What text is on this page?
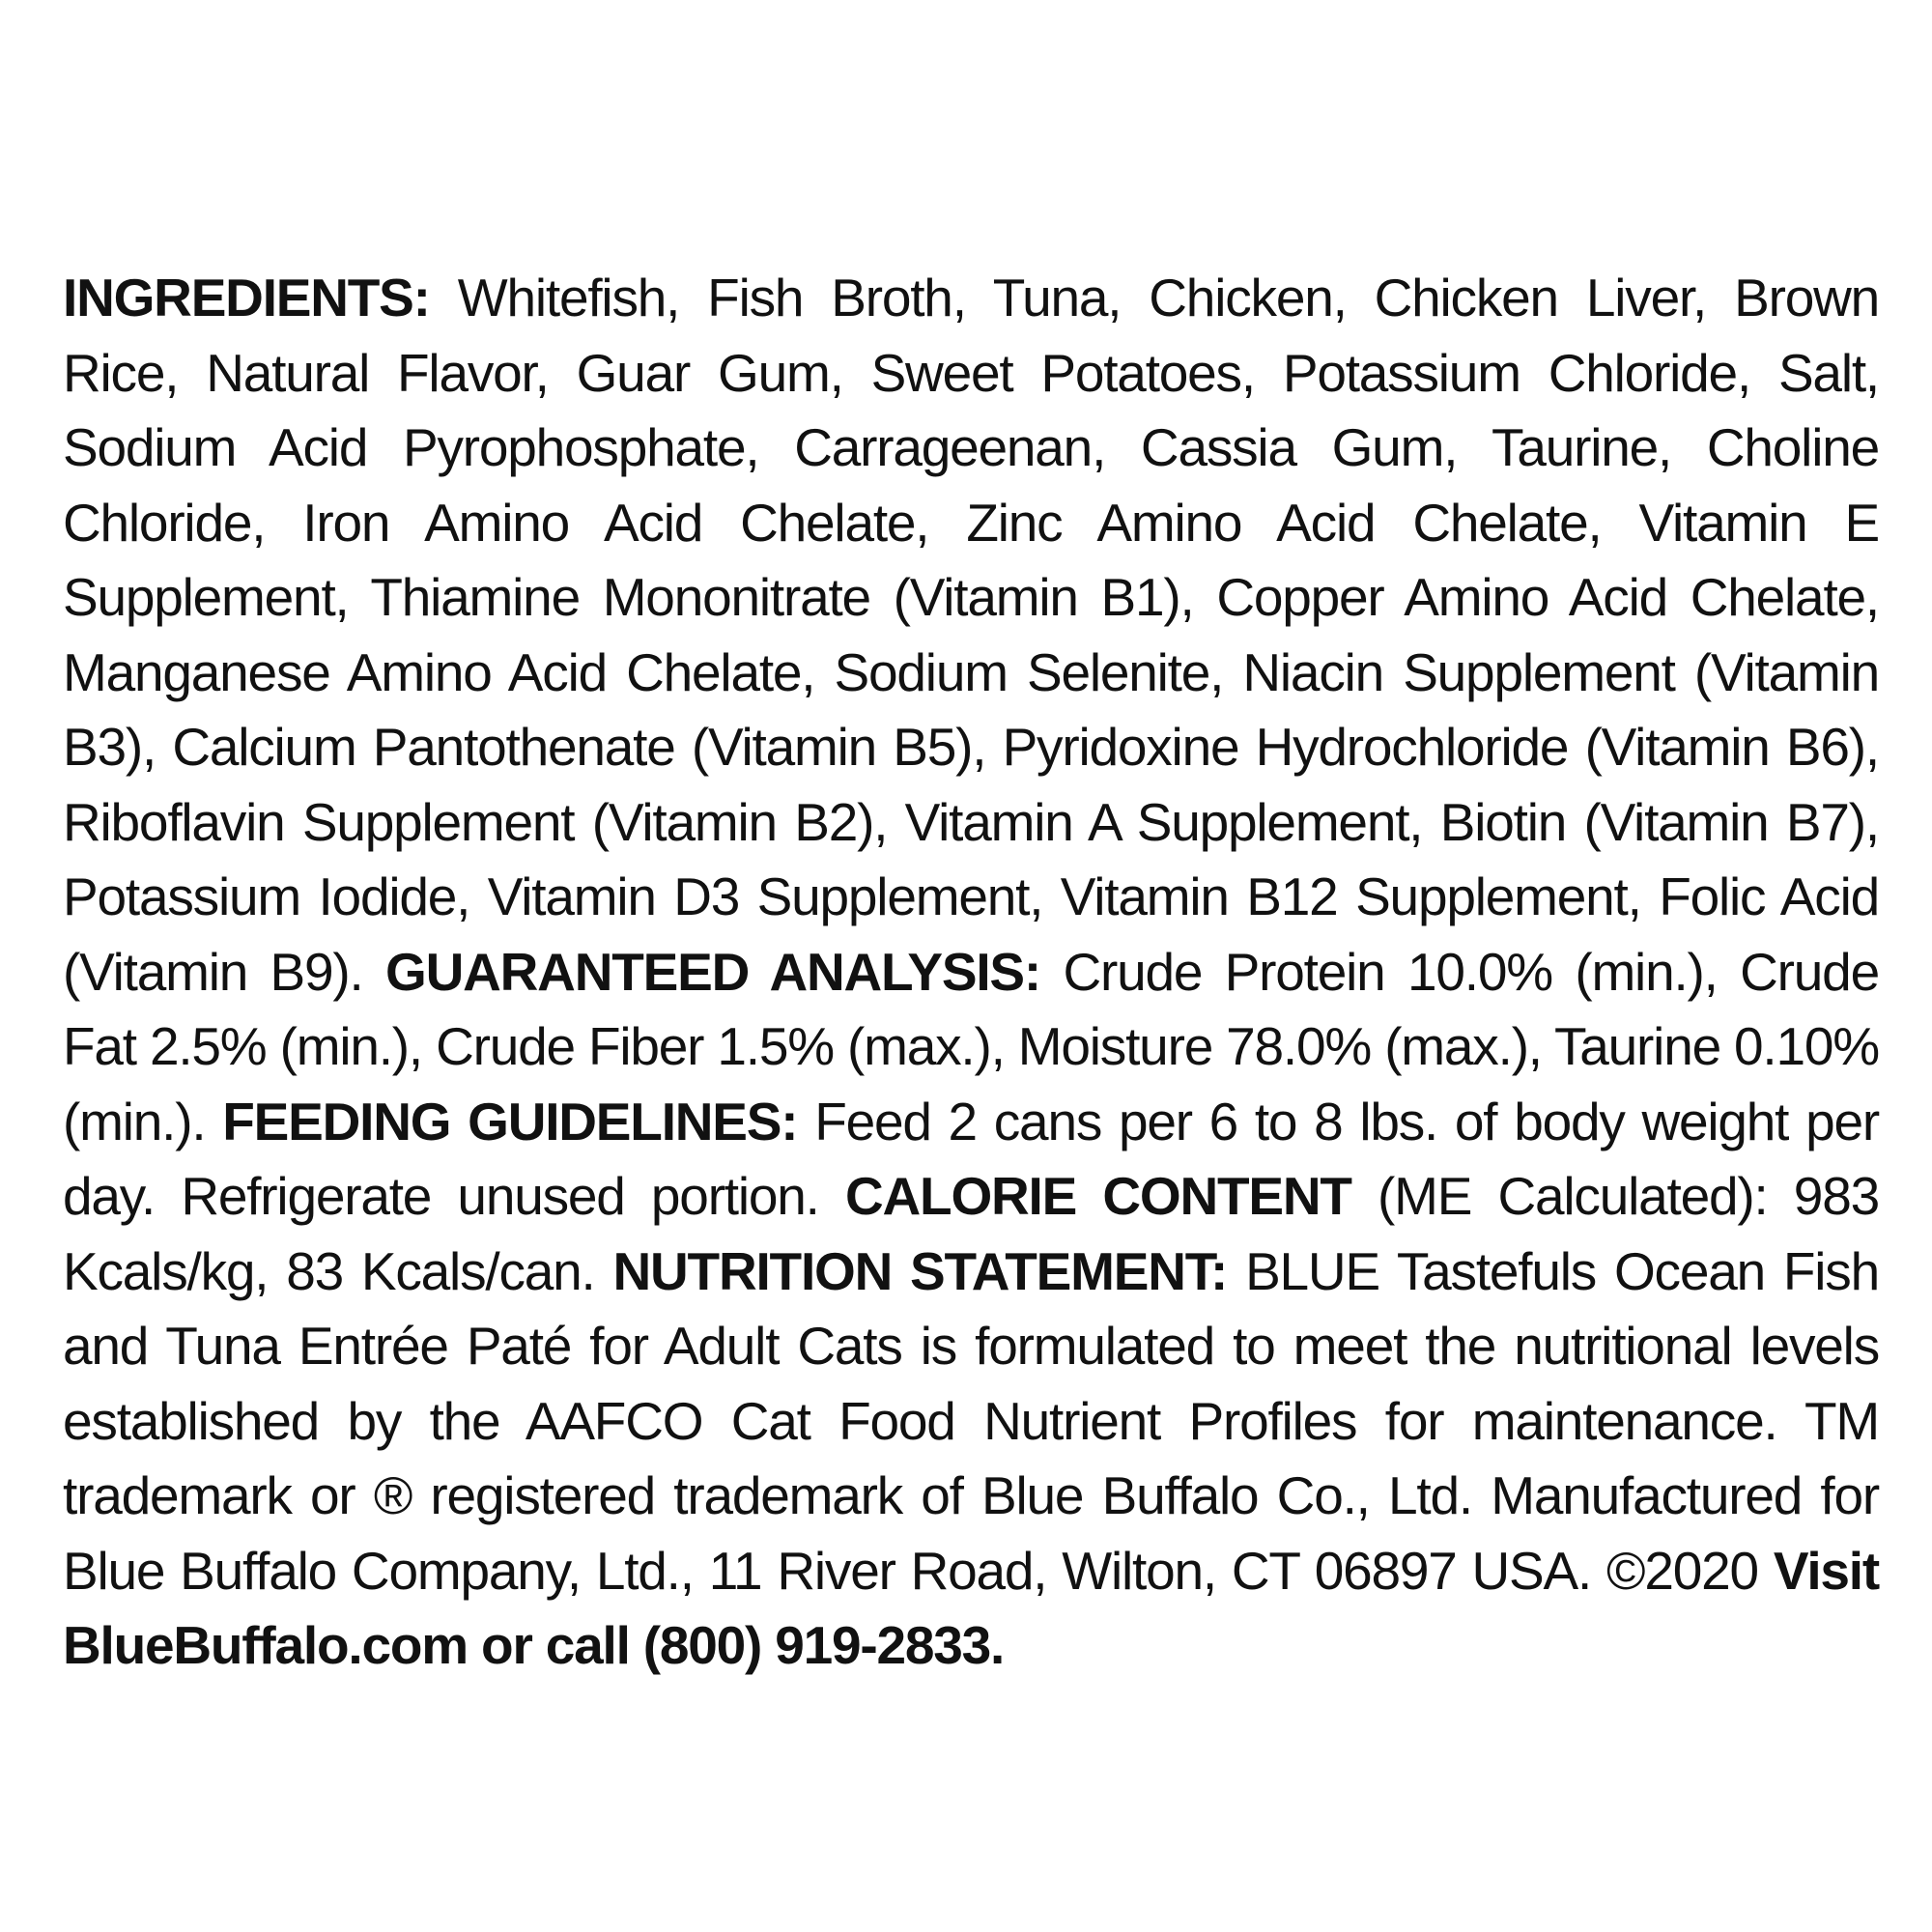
INGREDIENTS: Whitefish, Fish Broth, Tuna, Chicken, Chicken Liver, Brown Rice, Natural Flavor, Guar Gum, Sweet Potatoes, Potassium Chloride, Salt, Sodium Acid Pyrophosphate, Carrageenan, Cassia Gum, Taurine, Choline Chloride, Iron Amino Acid Chelate, Zinc Amino Acid Chelate, Vitamin E Supplement, Thiamine Mononitrate (Vitamin B1), Copper Amino Acid Chelate, Manganese Amino Acid Chelate, Sodium Selenite, Niacin Supplement (Vitamin B3), Calcium Pantothenate (Vitamin B5), Pyridoxine Hydrochloride (Vitamin B6), Riboflavin Supplement (Vitamin B2), Vitamin A Supplement, Biotin (Vitamin B7), Potassium Iodide, Vitamin D3 Supplement, Vitamin B12 Supplement, Folic Acid (Vitamin B9). GUARANTEED ANALYSIS: Crude Protein 10.0% (min.), Crude Fat 2.5% (min.), Crude Fiber 1.5% (max.), Moisture 78.0% (max.), Taurine 0.10% (min.). FEEDING GUIDELINES: Feed 2 cans per 6 to 8 lbs. of body weight per day. Refrigerate unused portion. CALORIE CONTENT (ME Calculated): 983 Kcals/kg, 83 Kcals/can. NUTRITION STATEMENT: BLUE Tastefuls Ocean Fish and Tuna Entrée Paté for Adult Cats is formulated to meet the nutritional levels established by the AAFCO Cat Food Nutrient Profiles for maintenance. TM trademark or ® registered trademark of Blue Buffalo Co., Ltd. Manufactured for Blue Buffalo Company, Ltd., 11 River Road, Wilton, CT 06897 USA. ©2020 Visit BlueBuffalo.com or call (800) 919-2833.
